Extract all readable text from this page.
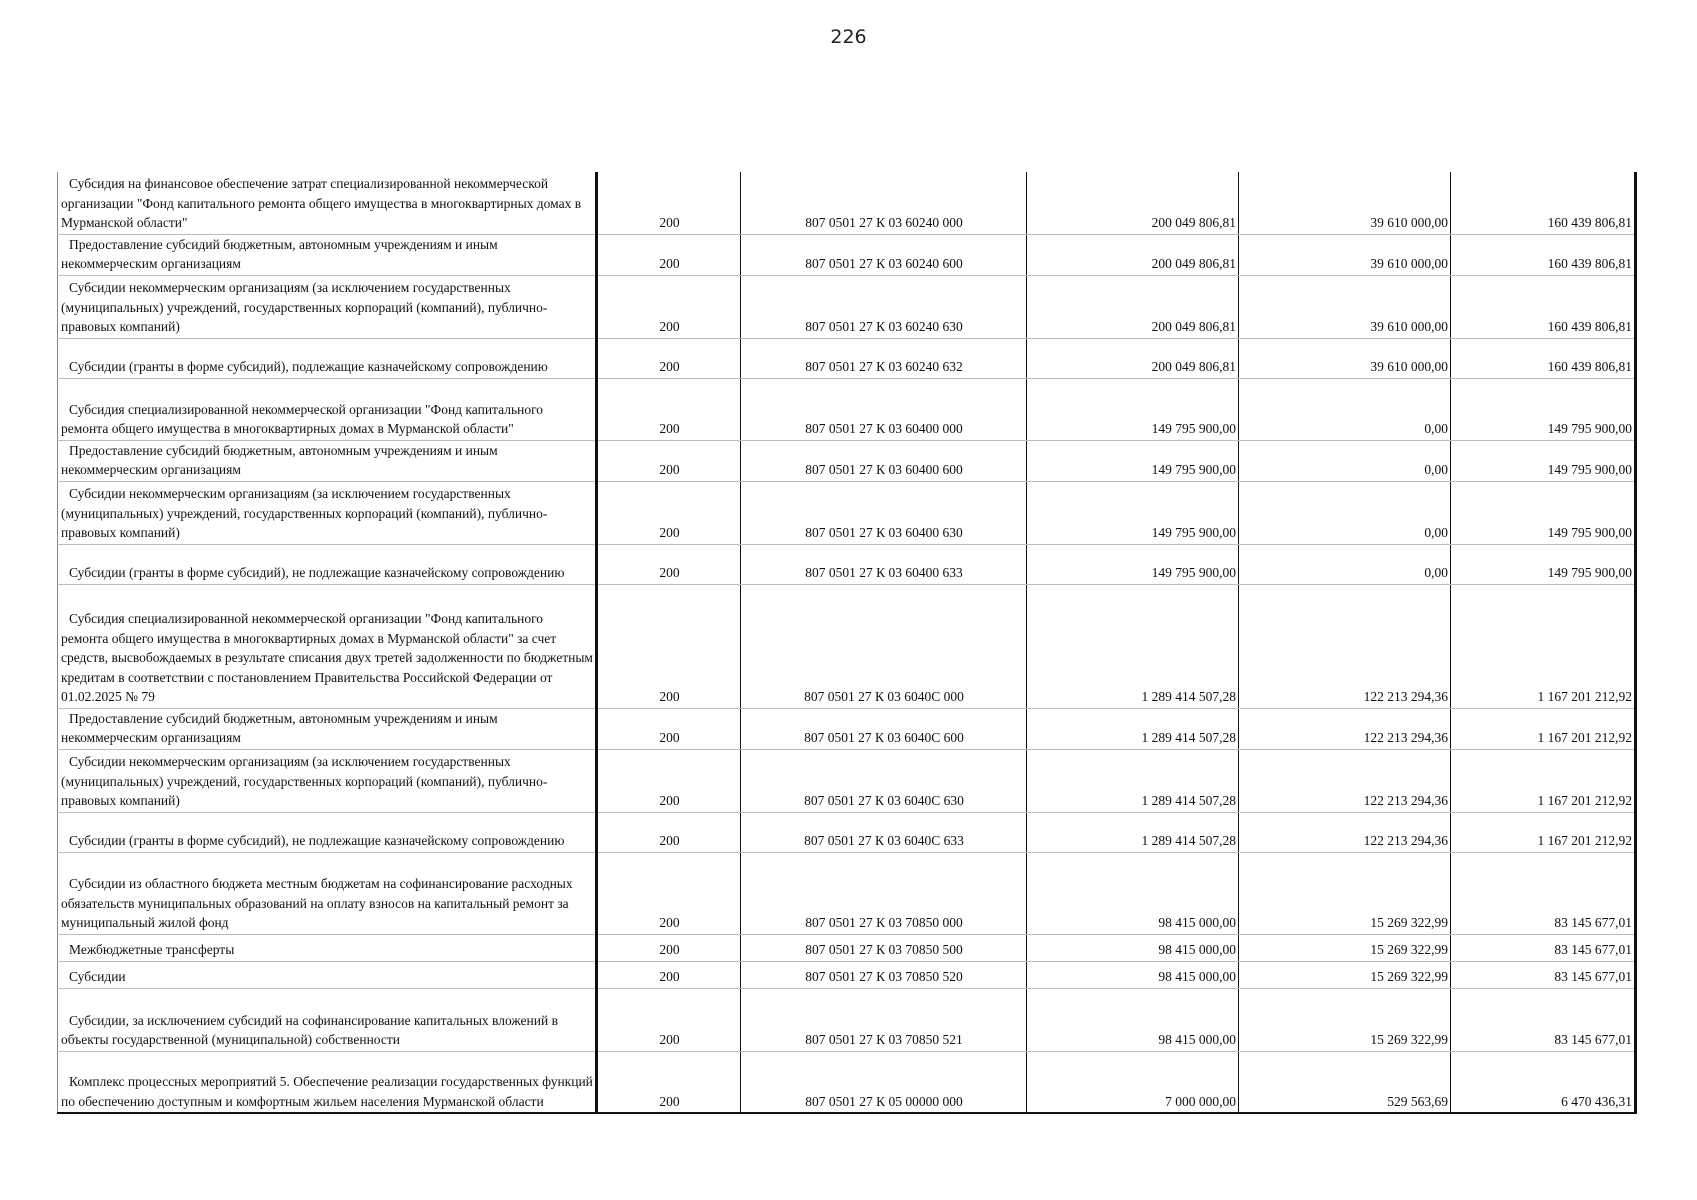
226
Субсидия на финансовое обеспечение затрат специализированной некоммерческой организации "Фонд капитального ремонта общего имущества в многоквартирных домах в Мурманской области"	200	807 0501 27 К 03 60240 000	200 049 806,81	39 610 000,00	160 439 806,81
Предоставление субсидий бюджетным, автономным учреждениям и иным некоммерческим организациям	200	807 0501 27 К 03 60240 600	200 049 806,81	39 610 000,00	160 439 806,81
Субсидии некоммерческим организациям (за исключением государственных (муниципальных) учреждений, государственных корпораций (компаний), публично-правовых компаний)	200	807 0501 27 К 03 60240 630	200 049 806,81	39 610 000,00	160 439 806,81
Субсидии (гранты в форме субсидий), подлежащие казначейскому сопровождению	200	807 0501 27 К 03 60240 632	200 049 806,81	39 610 000,00	160 439 806,81
Субсидия специализированной некоммерческой организации "Фонд капитального ремонта общего имущества в многоквартирных домах в Мурманской области"	200	807 0501 27 К 03 60400 000	149 795 900,00	0,00	149 795 900,00
Предоставление субсидий бюджетным, автономным учреждениям и иным некоммерческим организациям	200	807 0501 27 К 03 60400 600	149 795 900,00	0,00	149 795 900,00
Субсидии некоммерческим организациям (за исключением государственных (муниципальных) учреждений, государственных корпораций (компаний), публично-правовых компаний)	200	807 0501 27 К 03 60400 630	149 795 900,00	0,00	149 795 900,00
Субсидии (гранты в форме субсидий), не подлежащие казначейскому сопровождению	200	807 0501 27 К 03 60400 633	149 795 900,00	0,00	149 795 900,00
Субсидия специализированной некоммерческой организации "Фонд капитального ремонта общего имущества в многоквартирных домах в Мурманской области" за счет средств, высвобождаемых в результате списания двух третей задолженности по бюджетным кредитам в соответствии с постановлением Правительства Российской Федерации от 01.02.2025 № 79	200	807 0501 27 К 03 6040С 000	1 289 414 507,28	122 213 294,36	1 167 201 212,92
Предоставление субсидий бюджетным, автономным учреждениям и иным некоммерческим организациям	200	807 0501 27 К 03 6040С 600	1 289 414 507,28	122 213 294,36	1 167 201 212,92
Субсидии некоммерческим организациям (за исключением государственных (муниципальных) учреждений, государственных корпораций (компаний), публично-правовых компаний)	200	807 0501 27 К 03 6040С 630	1 289 414 507,28	122 213 294,36	1 167 201 212,92
Субсидии (гранты в форме субсидий), не подлежащие казначейскому сопровождению	200	807 0501 27 К 03 6040С 633	1 289 414 507,28	122 213 294,36	1 167 201 212,92
Субсидии из областного бюджета местным бюджетам на софинансирование расходных обязательств муниципальных образований на оплату взносов на капитальный ремонт за муниципальный жилой фонд	200	807 0501 27 К 03 70850 000	98 415 000,00	15 269 322,99	83 145 677,01
Межбюджетные трансферты	200	807 0501 27 К 03 70850 500	98 415 000,00	15 269 322,99	83 145 677,01
Субсидии	200	807 0501 27 К 03 70850 520	98 415 000,00	15 269 322,99	83 145 677,01
Субсидии, за исключением субсидий на софинансирование капитальных вложений в объекты государственной (муниципальной) собственности	200	807 0501 27 К 03 70850 521	98 415 000,00	15 269 322,99	83 145 677,01
Комплекс процессных мероприятий 5. Обеспечение реализации государственных функций по обеспечению доступным и комфортным жильем населения Мурманской области	200	807 0501 27 К 05 00000 000	7 000 000,00	529 563,69	6 470 436,31
